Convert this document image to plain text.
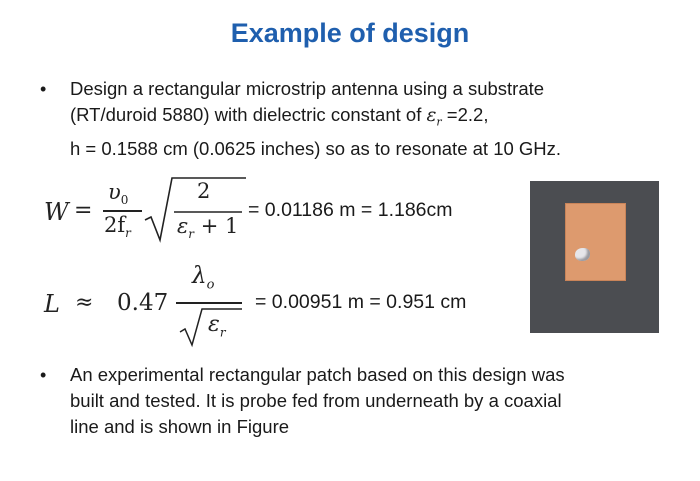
Example of design
• Design a rectangular microstrip antenna using a substrate
(RT/duroid 5880) with dielectric constant of $\varepsilon_r =2.2$,
h = 0.1588 cm (0.0625 inches) so as to resonate at 10 GHz.
W =
$\upsilon_0$
$2f_r$
2
$\varepsilon_r + 1$
= 0.01186 m = 1.186cm
L ≈ 0.47
$\lambda_o$
$\varepsilon_r$
= 0.00951 m = 0.951 cm
• An experimental rectangular patch based on this design was
built and tested. It is probe fed from underneath by a coaxial
line and is shown in Figure
